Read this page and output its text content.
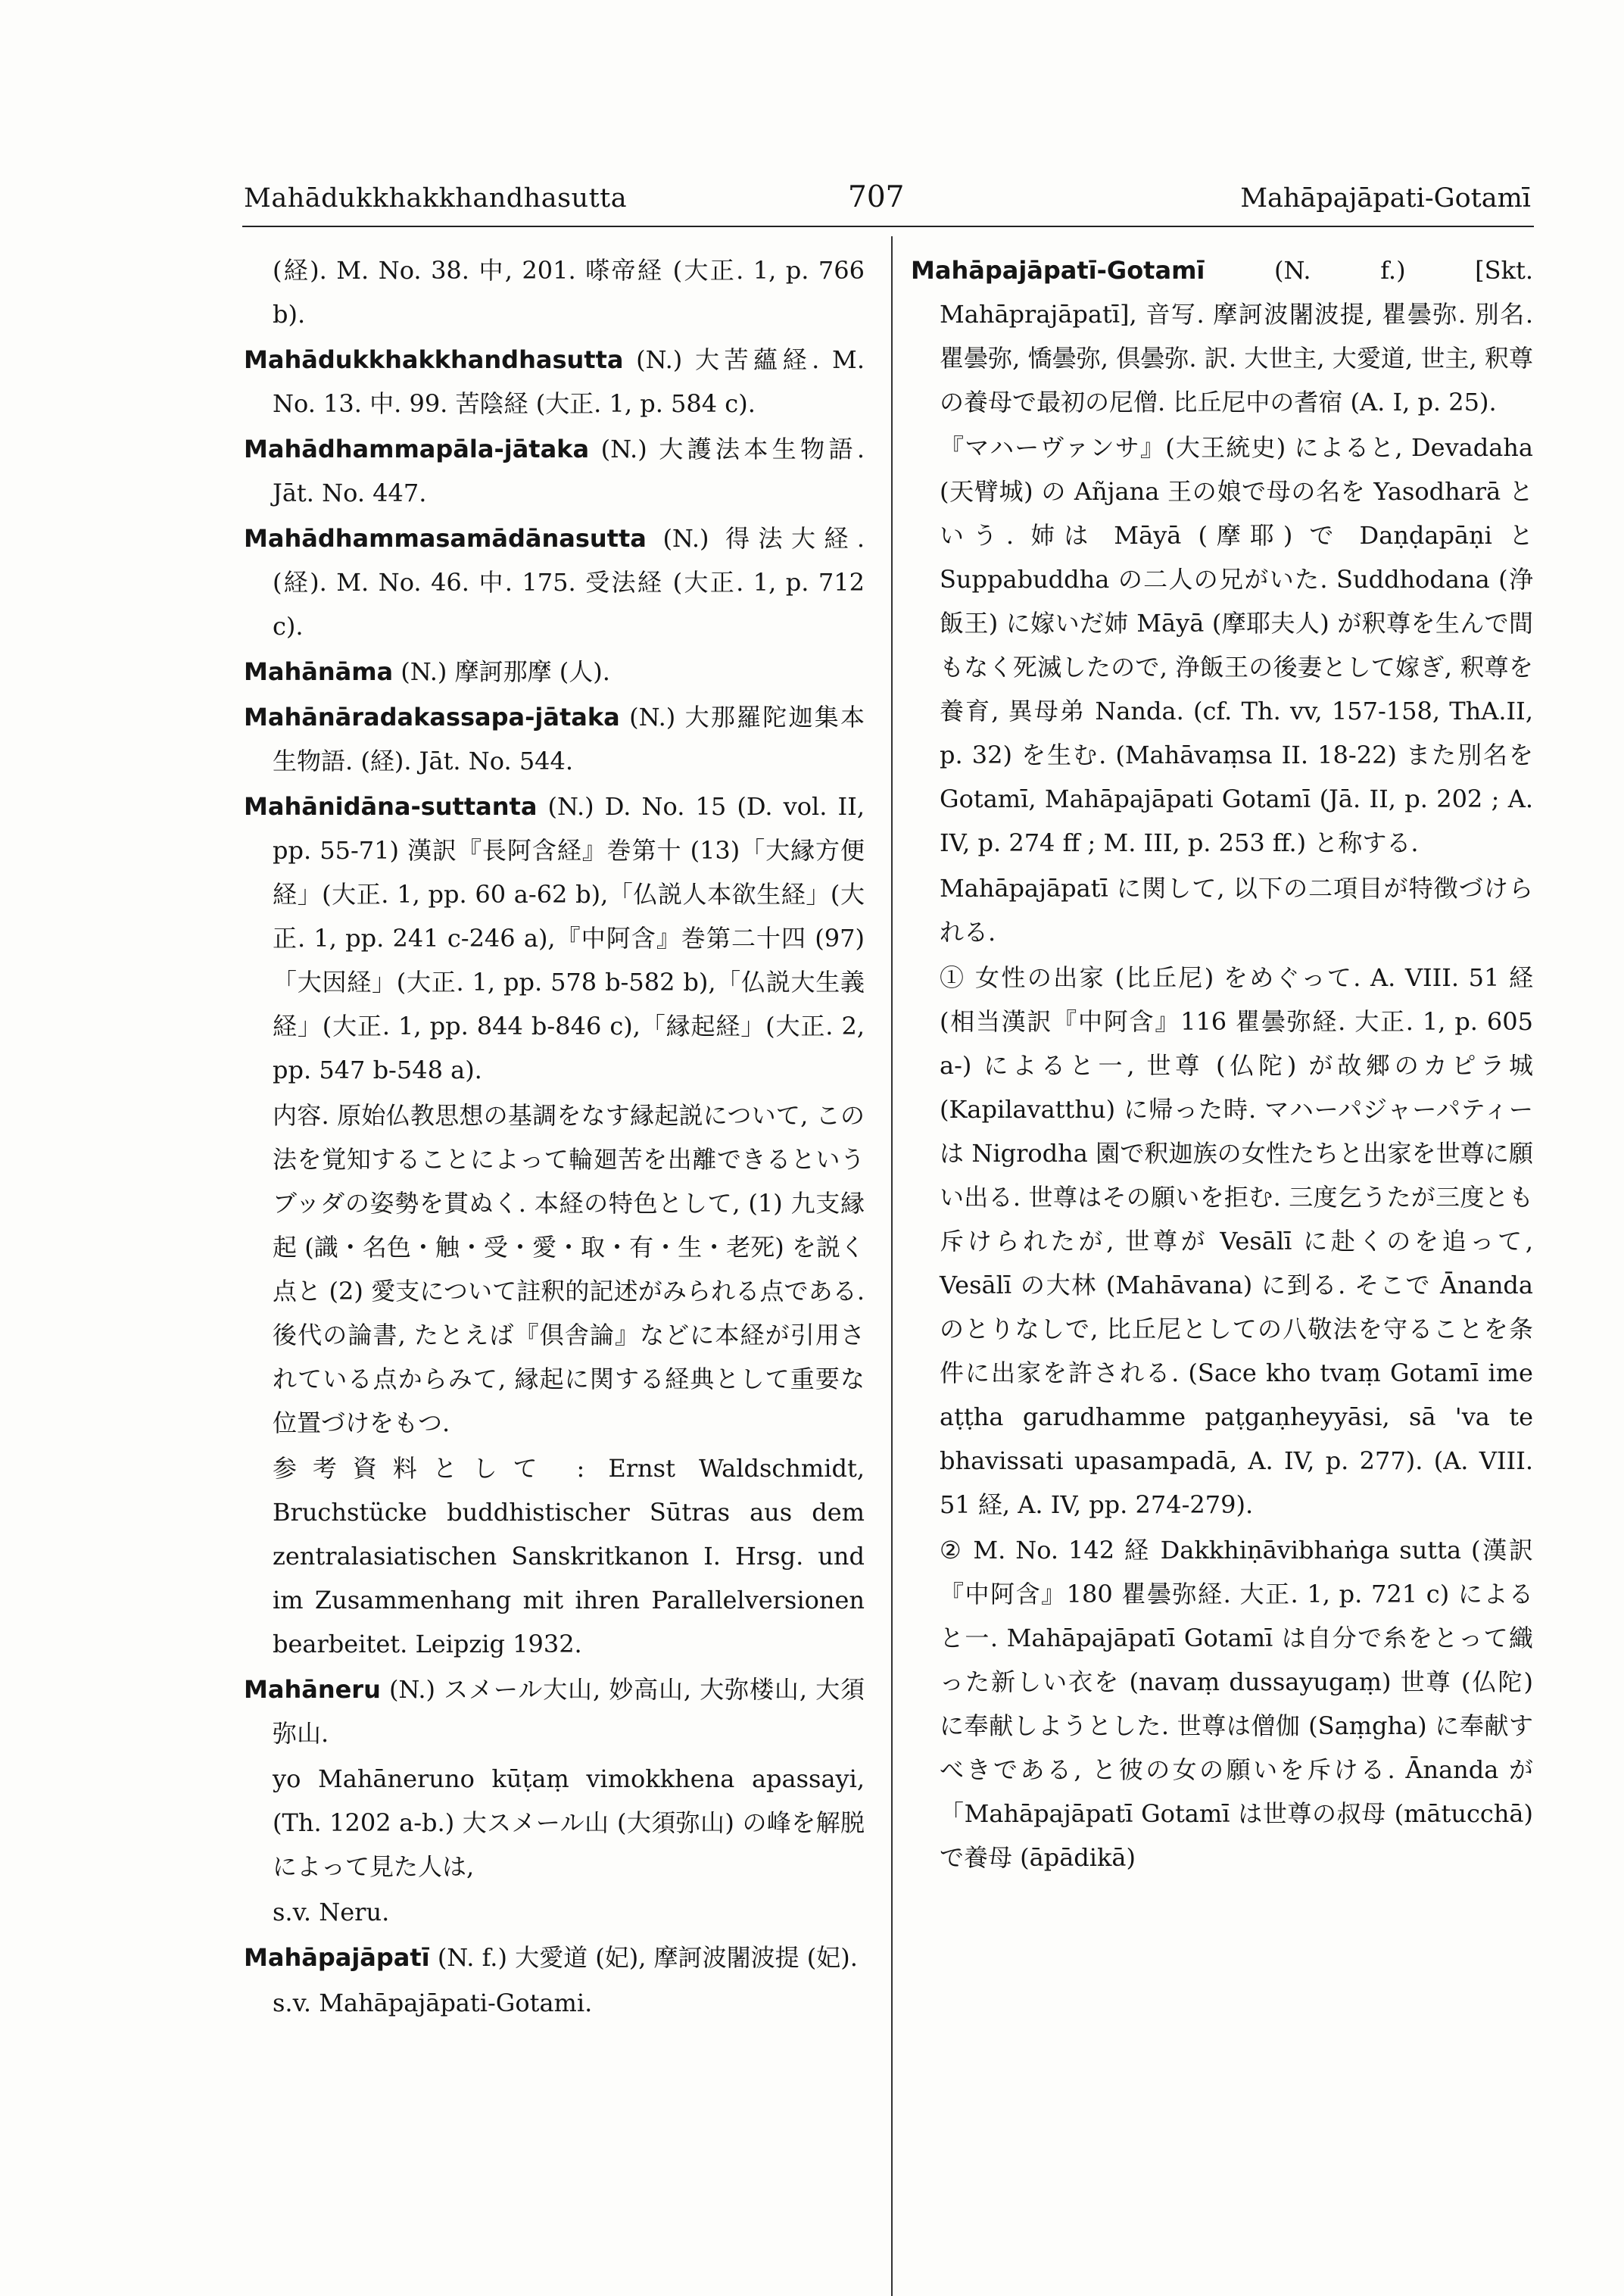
Mahādukkhakkhandhasutta	707	Mahāpajāpati-Gotamī
(経). M. No. 38. 中, 201. 嗏帝経 (大正. 1, p. 766 b).
Mahādukkhakkhandhasutta (N.) 大苦蘊経. M. No. 13. 中. 99. 苦陰経 (大正. 1, p. 584 c).
Mahādhammapāla-jātaka (N.) 大護法本生物語. Jāt. No. 447.
Mahādhammasamādānasutta (N.) 得法大経. (経). M. No. 46. 中. 175. 受法経 (大正. 1, p. 712 c).
Mahānāma (N.) 摩訶那摩 (人).
Mahānāradakassapa-jātaka (N.) 大那羅陀迦集本生物語. (経). Jāt. No. 544.
Mahānidāna-suttanta (N.) D. No. 15 (D. vol. II, pp. 55-71) 漢訳『長阿含経』巻第十 (13)「大縁方便経」(大正. 1, pp. 60 a-62 b),「仏説人本欲生経」(大正. 1, pp. 241 c-246 a),『中阿含』巻第二十四 (97)「大因経」(大正. 1, pp. 578 b-582 b),「仏説大生義経」(大正. 1, pp. 844 b-846 c),「縁起経」(大正. 2, pp. 547 b-548 a).
内容. 原始仏教思想の基調をなす縁起説について, この法を覚知することによって輪廻苦を出離できるというブッダの姿勢を貫ぬく. 本経の特色として, (1) 九支縁起 (識・名色・触・受・愛・取・有・生・老死) を説く点と (2) 愛支について註釈的記述がみられる点である. 後代の論書, たとえば『倶舎論』などに本経が引用されている点からみて, 縁起に関する経典として重要な位置づけをもつ.
参考資料として : Ernst Waldschmidt, Bruchstücke buddhistischer Sūtras aus dem zentralasiatischen Sanskritkanon I. Hrsg. und im Zusammenhang mit ihren Parallelversionen bearbeitet. Leipzig 1932.
Mahāneru (N.) スメール大山, 妙高山, 大弥楼山, 大須弥山.
yo Mahāneruno kūṭaṃ vimokkhena apassayi, (Th. 1202 a-b.) 大スメール山 (大須弥山) の峰を解脱によって見た人は,
s.v. Neru.
Mahāpajāpatī (N. f.) 大愛道 (妃), 摩訶波闍波提 (妃).
s.v. Mahāpajāpati-Gotami.
Mahāpajāpatī-Gotamī (N. f.) [Skt. Mahāprajāpatī], 音写. 摩訶波闍波提, 瞿曇弥. 別名. 瞿曇弥, 憍曇弥, 倶曇弥. 訳. 大世主, 大愛道, 世主, 釈尊の養母で最初の尼僧. 比丘尼中の耆宿 (A. I, p. 25).
『マハーヴァンサ』(大王統史) によると, Devadaha (天臂城) の Añjana 王の娘で母の名を Yasodharā という. 姉は Māyā (摩耶) で Daṇḍapāṇi と Suppabuddha の二人の兄がいた. Suddhodana (浄飯王) に嫁いだ姉 Māyā (摩耶夫人) が釈尊を生んで間もなく死滅したので, 浄飯王の後妻として嫁ぎ, 釈尊を養育, 異母弟 Nanda. (cf. Th. vv, 157-158, ThA.II, p. 32) を生む. (Mahāvaṃsa II. 18-22) また別名を Gotamī, Mahāpajāpati Gotamī (Jā. II, p. 202 ; A. IV, p. 274 ff ; M. III, p. 253 ff.) と称する.
Mahāpajāpatī に関して, 以下の二項目が特徴づけられる.
① 女性の出家 (比丘尼) をめぐって. A. VIII. 51 経 (相当漢訳『中阿含』116 瞿曇弥経. 大正. 1, p. 605 a-) によると一, 世尊 (仏陀) が故郷のカピラ城 (Kapilavatthu) に帰った時. マハーパジャーパティーは Nigrodha 園で釈迦族の女性たちと出家を世尊に願い出る. 世尊はその願いを拒む. 三度乞うたが三度とも斥けられたが, 世尊が Vesālī に赴くのを追って, Vesālī の大林 (Mahāvana) に到る. そこで Ānanda のとりなしで, 比丘尼としての八敬法を守ることを条件に出家を許される. (Sace kho tvaṃ Gotamī ime aṭṭha garudhamme paṭgaṇheyyāsi, sā 'va te bhavissati upasampadā, A. IV, p. 277). (A. VIII. 51 経, A. IV, pp. 274-279).
② M. No. 142 経 Dakkhiṇāvibhaṅga sutta (漢訳『中阿含』180 瞿曇弥経. 大正. 1, p. 721 c) によると一. Mahāpajāpatī Gotamī は自分で糸をとって織った新しい衣を (navaṃ dussayugaṃ) 世尊 (仏陀) に奉献しようとした. 世尊は僧伽 (Saṃgha) に奉献すべきである, と彼の女の願いを斥ける. Ānanda が「Mahāpajāpatī Gotamī は世尊の叔母 (mātucchā) で養母 (āpādikā)
